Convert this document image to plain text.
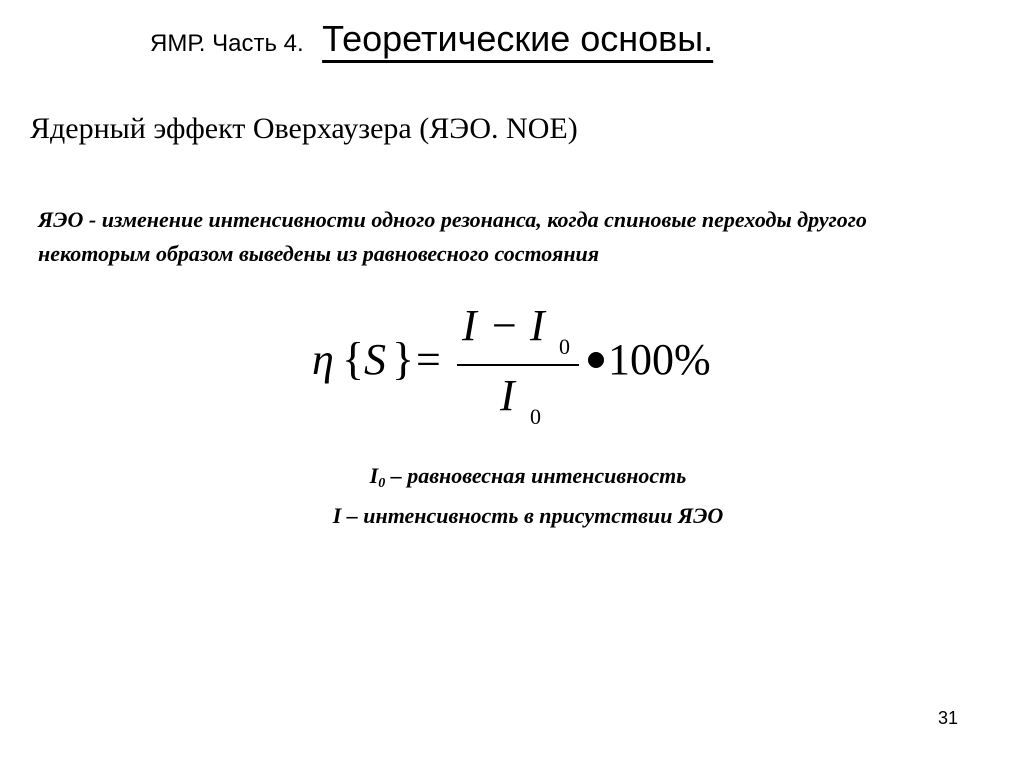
ЯМР. Часть 4. Теоретические основы.
Ядерный эффект Оверхаузера (ЯЭО. NOE)
ЯЭО - изменение интенсивности одного резонанса, когда спиновые переходы другого некоторым образом выведены из равновесного состояния
η { S } =
I − I 0
I 0
100%
$I_0$ – равновесная интенсивность
I – интенсивность в присутствии ЯЭО
31
